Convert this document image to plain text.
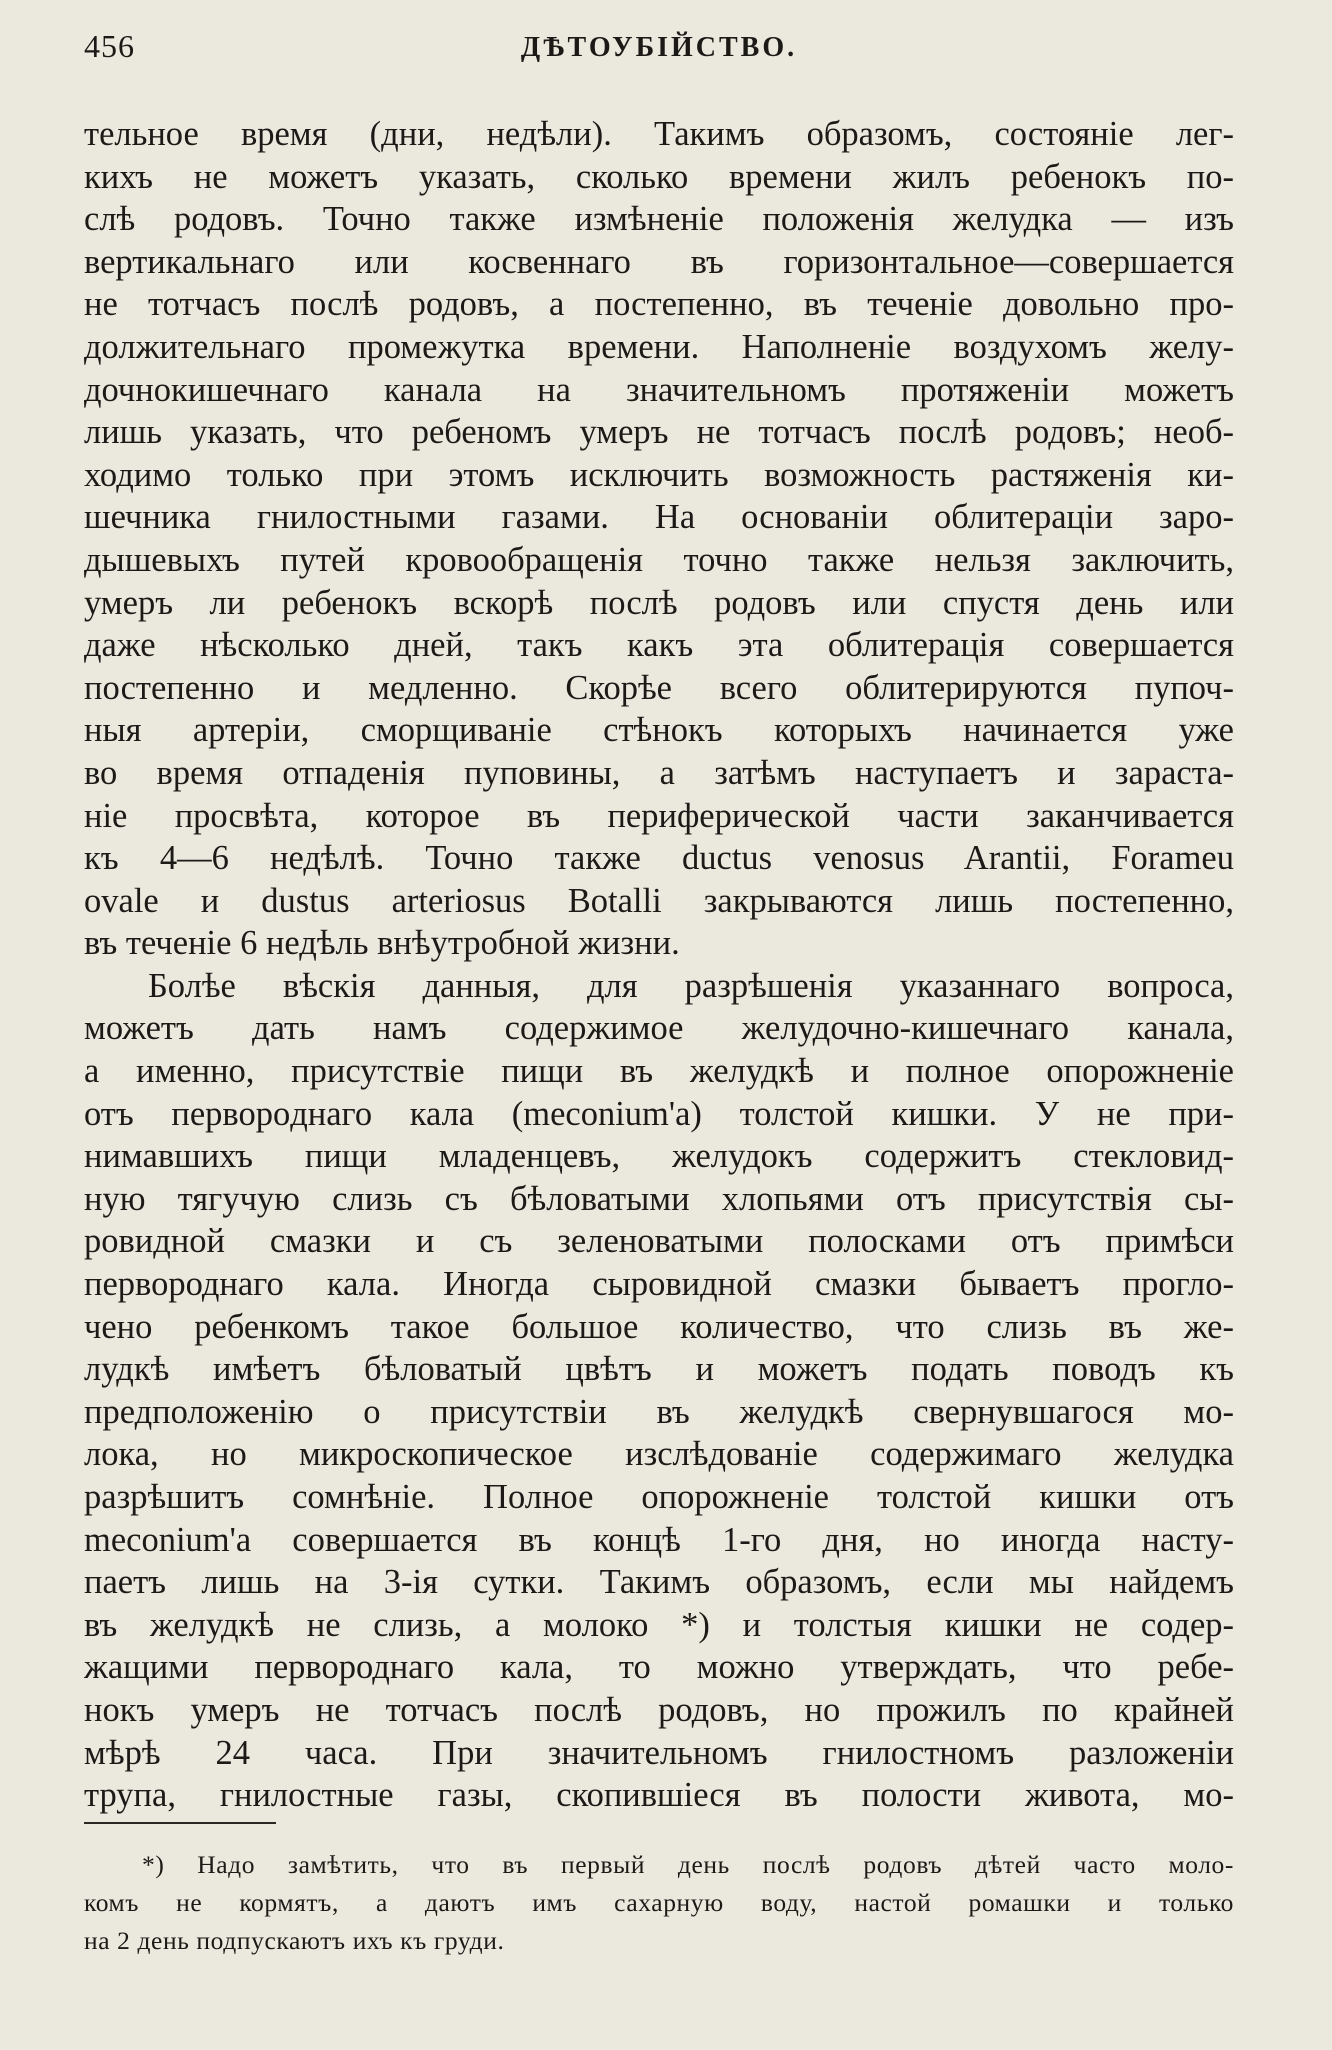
456	ДѢТОУБІЙСТВО.
тельное время (дни, недѣли). Такимъ образомъ, состояніе лег-
кихъ не можетъ указать, сколько времени жилъ ребенокъ по-
слѣ родовъ. Точно также измѣненіе положенія желудка — изъ
вертикальнаго или косвеннаго въ горизонтальное—совершается
не тотчасъ послѣ родовъ, а постепенно, въ теченіе довольно про-
должительнаго промежутка времени. Наполненіе воздухомъ желу-
дочнокишечнаго канала на значительномъ протяженіи можетъ
лишь указать, что ребеномъ умеръ не тотчасъ послѣ родовъ; необ-
ходимо только при этомъ исключить возможность растяженія ки-
шечника гнилостными газами. На основаніи облитераціи заро-
дышевыхъ путей кровообращенія точно также нельзя заключить,
умеръ ли ребенокъ вскорѣ послѣ родовъ или спустя день или
даже нѣсколько дней, такъ какъ эта облитерація совершается
постепенно и медленно. Скорѣе всего облитерируются пупоч-
ныя артеріи, сморщиваніе стѣнокъ которыхъ начинается уже
во время отпаденія пуповины, а затѣмъ наступаетъ и зараста-
ніе просвѣта, которое въ периферической части заканчивается
къ 4—6 недѣлѣ. Точно также ductus venosus Arantii, Forameu
ovale и dustus arteriosus Botalli закрываются лишь постепенно,
въ теченіе 6 недѣль внѣутробной жизни.
Болѣе вѣскія данныя, для разрѣшенія указаннаго вопроса,
можетъ дать намъ содержимое желудочно-кишечнаго канала,
а именно, присутствіе пищи въ желудкѣ и полное опорожненіе
отъ перворoднаго кала (meconium'а) толстой кишки. У не при-
нимавшихъ пищи младенцевъ, желудокъ содержитъ стекловид-
ную тягучую слизь съ бѣловатыми хлопьями отъ присутствія сы-
ровидной смазки и съ зеленоватыми полосками отъ примѣси
первороднаго кала. Иногда сыровидной смазки бываетъ прогло-
чено ребенкомъ такое большое количество, что слизь въ же-
лудкѣ имѣетъ бѣловатый цвѣтъ и можетъ подать поводъ къ
предположенію о присутствіи въ желудкѣ свернувшагося мо-
лока, но микроскопическое изслѣдованіе содержимаго желудка
разрѣшитъ сомнѣніе. Полное опорожненіе толстой кишки отъ
meconium'а совершается въ концѣ 1-го дня, но иногда насту-
паетъ лишь на 3-ія сутки. Такимъ образомъ, если мы найдемъ
въ желудкѣ не слизь, а молоко *) и толстыя кишки не содер-
жащими первороднаго кала, то можно утверждать, что ребе-
нокъ умеръ не тотчасъ послѣ родовъ, но прожилъ по крайней
мѣрѣ 24 часа. При значительномъ гнилостномъ разложеніи
трупа, гнилостные газы, скопившіеся въ полости живота, мо-
*) Надо замѣтить, что въ первый день послѣ родовъ дѣтей часто моло-
комъ не кормятъ, а даютъ имъ сахарную воду, настой ромашки и только
на 2 день подпускаютъ ихъ къ груди.
